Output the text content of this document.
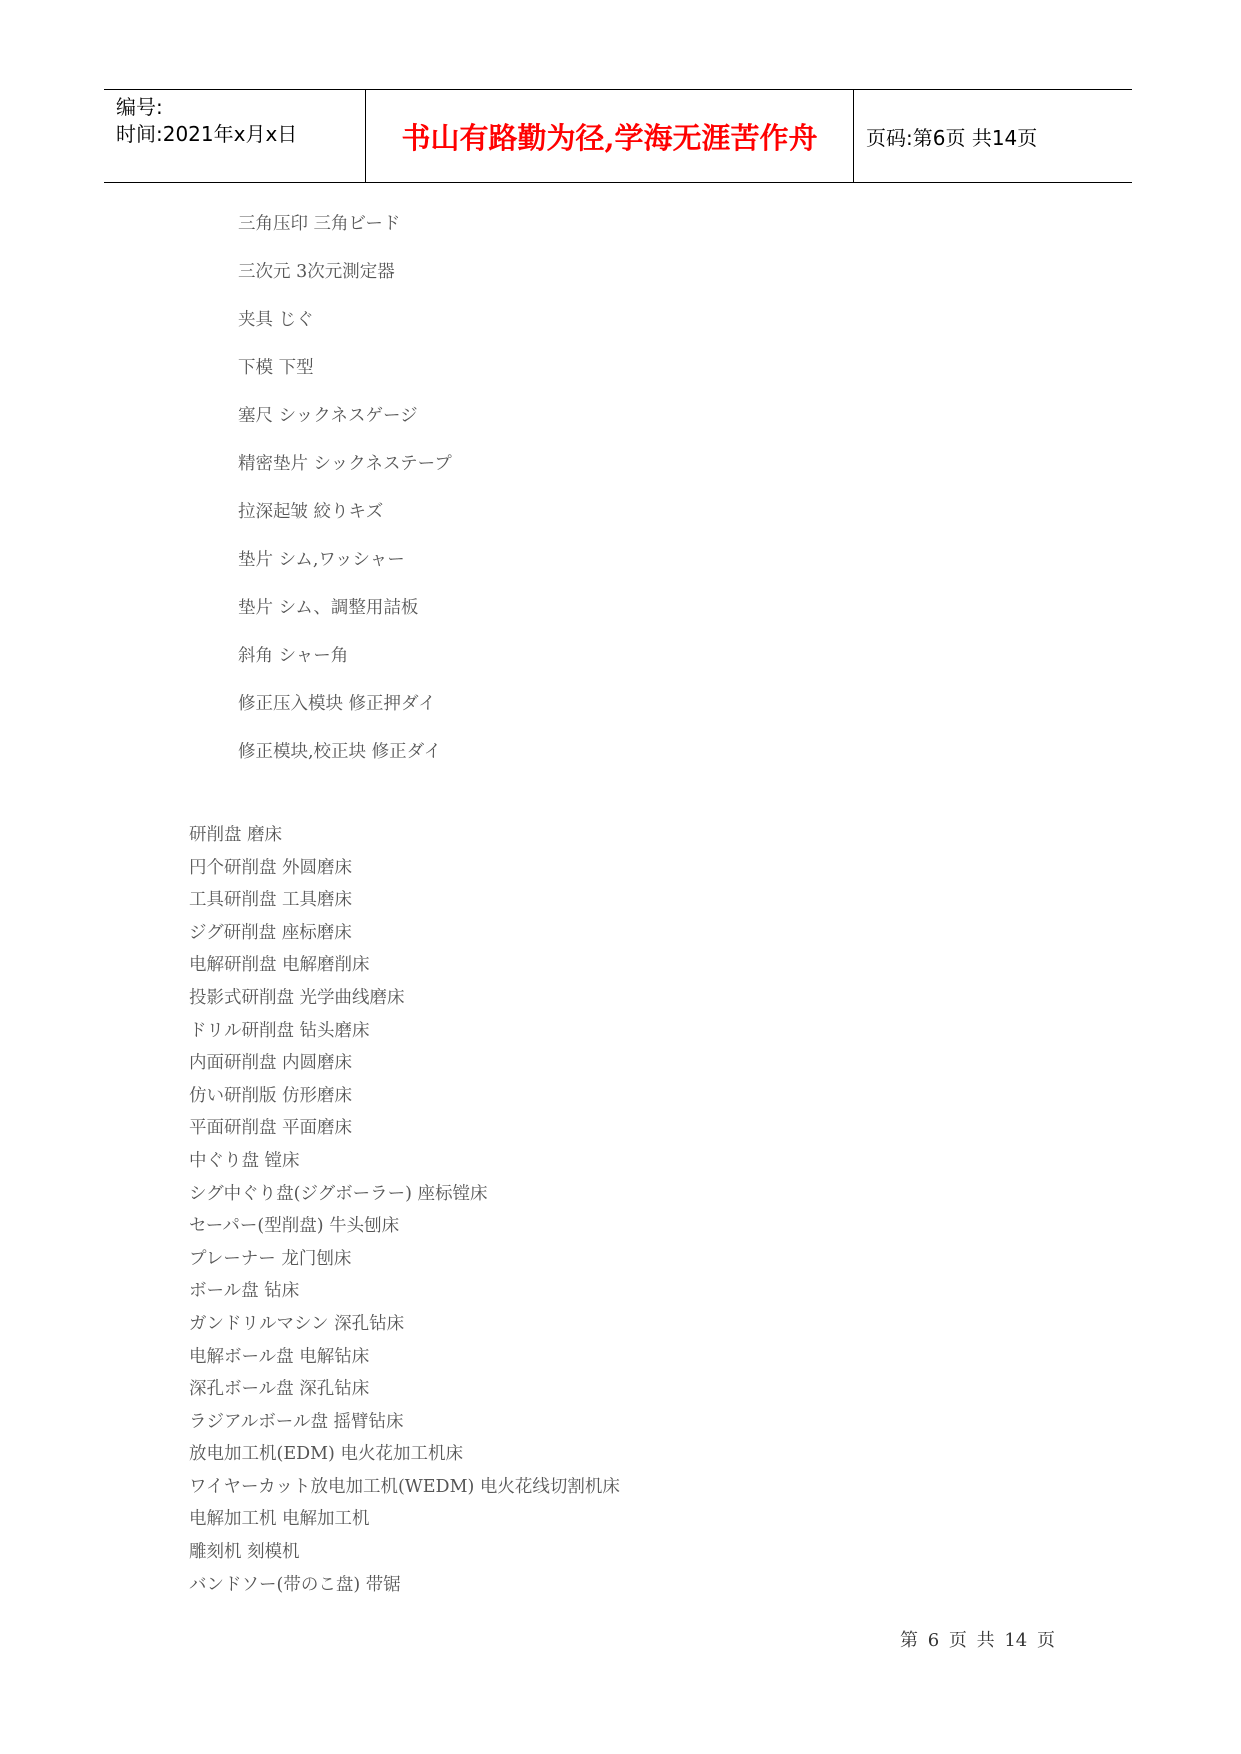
编号:
时间:2021年x月x日	书山有路勤为径,学海无涯苦作舟 页码:第6页 共14页
三角压印 三角ビード
三次元 3次元測定器
夹具 じぐ
下模 下型
塞尺 シックネスゲージ
精密垫片 シックネステープ
拉深起皱 絞りキズ
垫片 シム,ワッシャー
垫片 シム、調整用詰板
斜角 シャー角
修正压入模块 修正押ダイ
修正模块,校正块 修正ダイ
研削盘 磨床
円个研削盘 外圆磨床
工具研削盘 工具磨床
ジグ研削盘 座标磨床
电解研削盘 电解磨削床
投影式研削盘 光学曲线磨床
ドリル研削盘 钻头磨床
内面研削盘 内圆磨床
仿い研削版 仿形磨床
平面研削盘 平面磨床
中ぐり盘 镗床
シグ中ぐり盘(ジグボーラー) 座标镗床
セーパー(型削盘) 牛头刨床
プレーナー 龙门刨床
ボール盘 钻床
ガンドリルマシン 深孔钻床
电解ボール盘 电解钻床
深孔ボール盘 深孔钻床
ラジアルボール盘 摇臂钻床
放电加工机(EDM) 电火花加工机床
ワイヤーカット放电加工机(WEDM) 电火花线切割机床
电解加工机 电解加工机
雕刻机 刻模机
バンドソー(带のこ盘) 带锯
第 6 页 共 14 页
